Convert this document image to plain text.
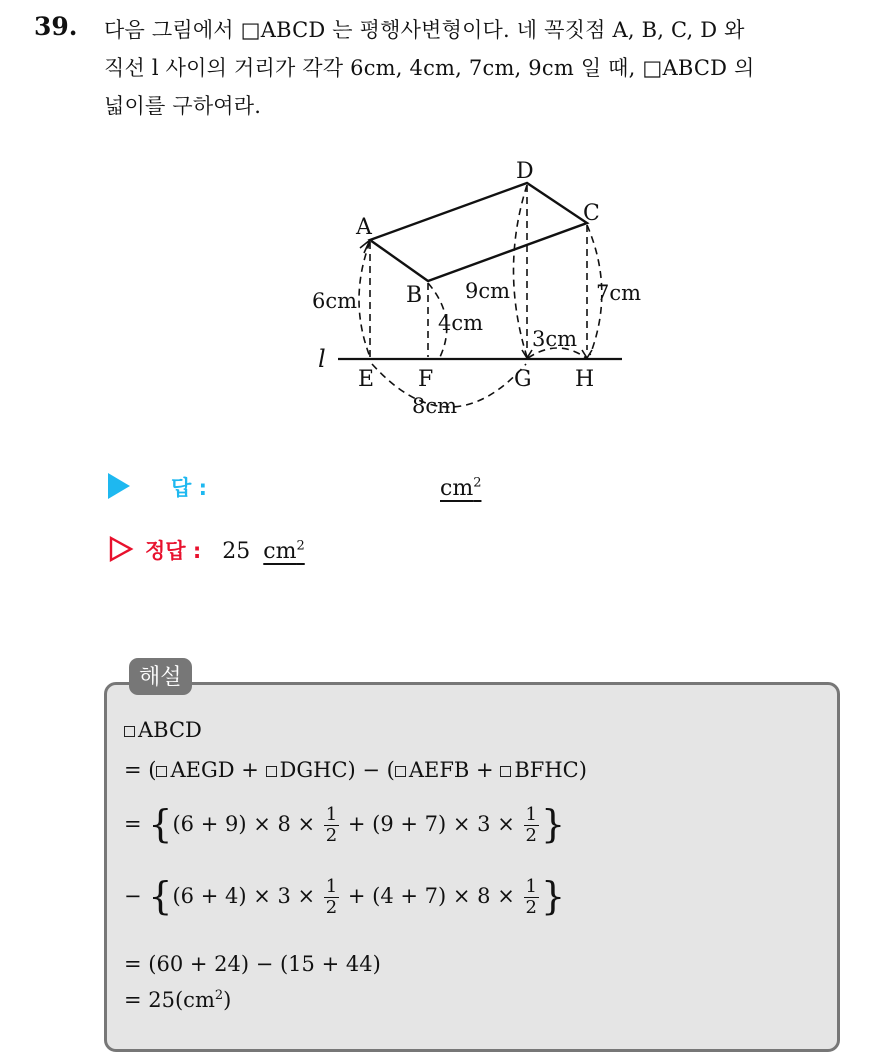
39. 다음 그림에서 □ABCD 는 평행사변형이다. 네 꼭짓점 A, B, C, D 와
직선 l 사이의 거리가 각각 6cm, 4cm, 7cm, 9cm 일 때, □ABCD 의
넓이를 구하여라.
D
A
C
B
l
E F	G H
6cm
4cm
9cm	7cm
3cm
8cm
답 :	$cm^2$
정답 : 25 $cm^2$
해설
ABCD
= ( AEGD + DGHC) − ( AEFB + BFHC)
= {$(6 + 9) \times 8 \times \frac{1}{2} + (9 + 7) \times 3 \times \frac{1}{2}$ }
− {$(6 + 4) \times 3 \times \frac{1}{2} + (4 + 7) \times 8 \times \frac{1}{2}$ }
= (60 + 24) − (15 + 44)
= $25(cm^2)$
